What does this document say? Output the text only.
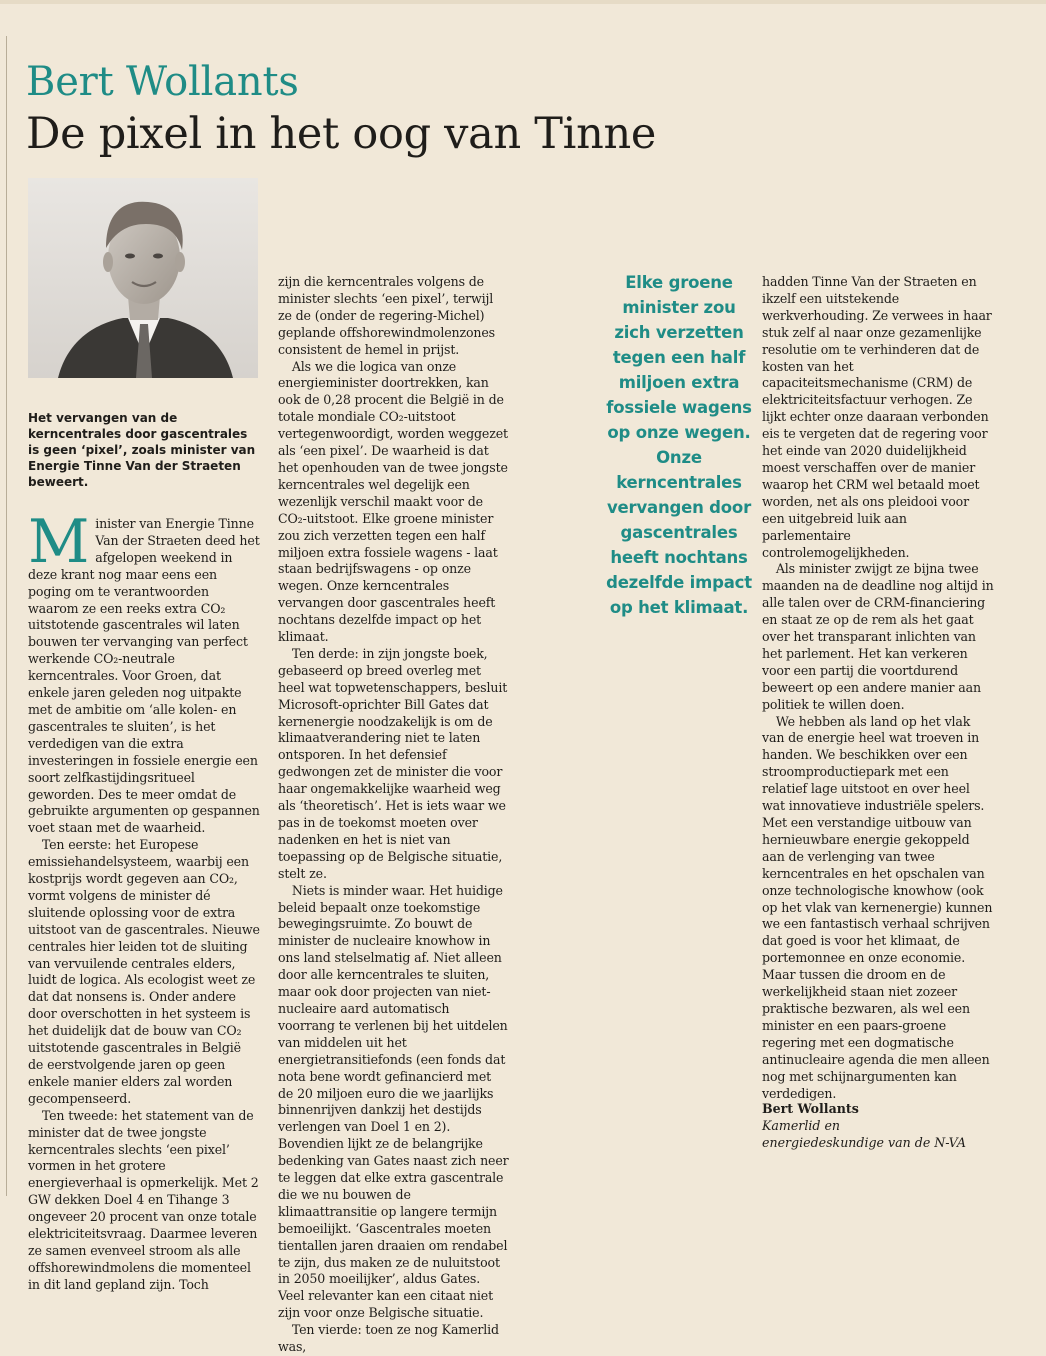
Bert Wollants
De pixel in het oog van Tinne
Het vervangen van de kerncentrales door gascentrales is geen ‘pixel’, zoals minister van Energie Tinne Van der Straeten beweert.

Minister van Energie Tinne Van der Straeten deed het afgelopen weekend in deze krant nog maar eens een poging om te verantwoorden waarom ze een reeks extra CO₂ uitstotende gascentrales wil laten bouwen ter vervanging van perfect werkende CO₂-neutrale kerncentrales. Voor Groen, dat enkele jaren geleden nog uitpakte met de ambitie om ‘alle kolen- en gascentrales te sluiten’, is het verdedigen van die extra investeringen in fossiele energie een soort zelfkastijdingsritueel geworden. Des te meer omdat de gebruikte argumenten op gespannen voet staan met de waarheid.

Ten eerste: het Europese emissiehandelsysteem, waarbij een kostprijs wordt gegeven aan CO₂, vormt volgens de minister dé sluitende oplossing voor de extra uitstoot van de gascentrales. Nieuwe centrales hier leiden tot de sluiting van vervuilende centrales elders, luidt de logica. Als ecologist weet ze dat dat nonsens is. Onder andere door overschotten in het systeem is het duidelijk dat de bouw van CO₂ uitstotende gascentrales in België de eerstvolgende jaren op geen enkele manier elders zal worden gecompenseerd.

Ten tweede: het statement van de minister dat de twee jongste kerncentrales slechts ‘een pixel’ vormen in het grotere energieverhaal is opmerkelijk. Met 2 GW dekken Doel 4 en Tihange 3 ongeveer 20 procent van onze totale elektriciteitsvraag. Daarmee leveren ze samen evenveel stroom als alle offshorewindmolens die momenteel in dit land gepland zijn. Toch

zijn die kerncentrales volgens de minister slechts ‘een pixel’, terwijl ze de (onder de regering-Michel) geplande offshorewindmolenzones consistent de hemel in prijst.

Als we die logica van onze energieminister doortrekken, kan ook de 0,28 procent die België in de totale mondiale CO₂-uitstoot vertegenwoordigt, worden weggezet als ‘een pixel’. De waarheid is dat het openhouden van de twee jongste kerncentrales wel degelijk een wezenlijk verschil maakt voor de CO₂-uitstoot. Elke groene minister zou zich verzetten tegen een half miljoen extra fossiele wagens - laat staan bedrijfswagens - op onze wegen. Onze kerncentrales vervangen door gascentrales heeft nochtans dezelfde impact op het klimaat.

Ten derde: in zijn jongste boek, gebaseerd op breed overleg met heel wat topwetenschappers, besluit Microsoft-oprichter Bill Gates dat kernenergie noodzakelijk is om de klimaatverandering niet te laten ontsporen. In het defensief gedwongen zet de minister die voor haar ongemakkelijke waarheid weg als ‘theoretisch’. Het is iets waar we pas in de toekomst moeten over nadenken en het is niet van toepassing op de Belgische situatie, stelt ze.

Niets is minder waar. Het huidige beleid bepaalt onze toekomstige bewegingsruimte. Zo bouwt de minister de nucleaire knowhow in ons land stelselmatig af. Niet alleen door alle kerncentrales te sluiten, maar ook door projecten van niet-nucleaire aard automatisch voorrang te verlenen bij het uitdelen van middelen uit het energietransitiefonds (een fonds dat nota bene wordt gefinancierd met de 20 miljoen euro die we jaarlijks binnenrijven dankzij het destijds verlengen van Doel 1 en 2). Bovendien lijkt ze de belangrijke bedenking van Gates naast zich neer te leggen dat elke extra gascentrale die we nu bouwen de klimaattransitie op langere termijn bemoeilijkt. ‘Gascentrales moeten tientallen jaren draaien om rendabel te zijn, dus maken ze de nuluitstoot in 2050 moeilijker’, aldus Gates. Veel relevanter kan een citaat niet zijn voor onze Belgische situatie.

Ten vierde: toen ze nog Kamerlid was,

Elke groene minister zou zich verzetten tegen een half miljoen extra fossiele wagens op onze wegen. Onze kerncentrales vervangen door gascentrales heeft nochtans dezelfde impact op het klimaat.

hadden Tinne Van der Straeten en ikzelf een uitstekende werkverhouding. Ze verwees in haar stuk zelf al naar onze gezamenlijke resolutie om te verhinderen dat de kosten van het capaciteitsmechanisme (CRM) de elektriciteitsfactuur verhogen. Ze lijkt echter onze daaraan verbonden eis te vergeten dat de regering voor het einde van 2020 duidelijkheid moest verschaffen over de manier waarop het CRM wel betaald moet worden, net als ons pleidooi voor een uitgebreid luik aan parlementaire controlemogelijkheden.

Als minister zwijgt ze bijna twee maanden na de deadline nog altijd in alle talen over de CRM-financiering en staat ze op de rem als het gaat over het transparant inlichten van het parlement. Het kan verkeren voor een partij die voortdurend beweert op een andere manier aan politiek te willen doen.

We hebben als land op het vlak van de energie heel wat troeven in handen. We beschikken over een stroomproductiepark met een relatief lage uitstoot en over heel wat innovatieve industriële spelers. Met een verstandige uitbouw van hernieuwbare energie gekoppeld aan de verlenging van twee kerncentrales en het opschalen van onze technologische knowhow (ook op het vlak van kernenergie) kunnen we een fantastisch verhaal schrijven dat goed is voor het klimaat, de portemonnee en onze economie. Maar tussen die droom en de werkelijkheid staan niet zozeer praktische bezwaren, als wel een minister en een paars-groene regering met een dogmatische antinucleaire agenda die men alleen nog met schijnargumenten kan verdedigen.

Bert Wollants
Kamerlid en
energiedeskundige van de N-VA
